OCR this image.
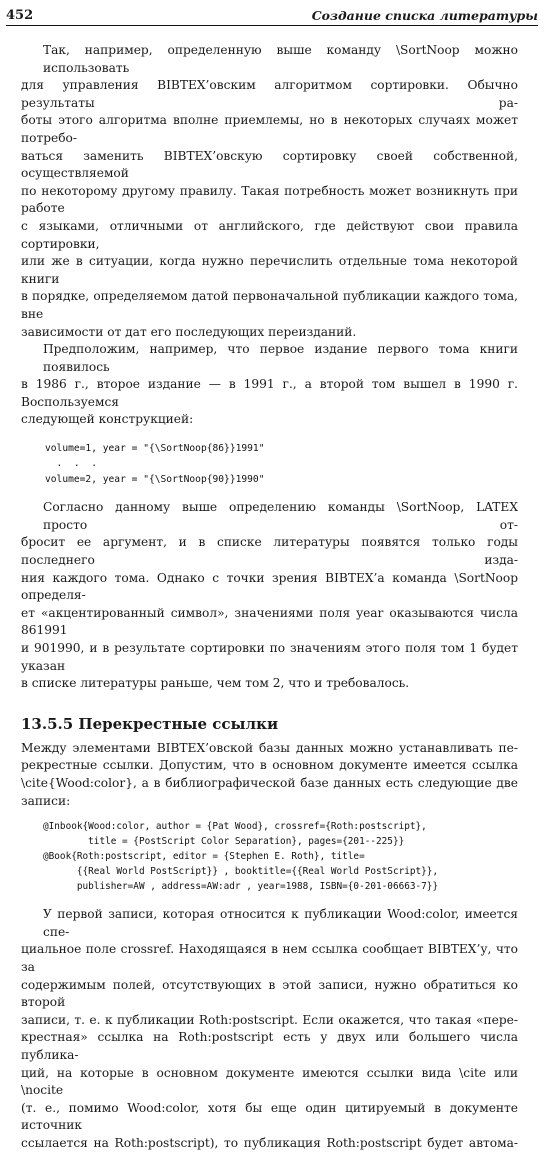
452	Создание списка литературы

Так, например, определенную выше команду \SortNoop можно использовать
для управления BIBTEX’овским алгоритмом сортировки. Обычно результаты ра-
боты этого алгоритма вполне приемлемы, но в некоторых случаях может потребо-
ваться заменить BIBTEX’овскую сортировку своей собственной, осуществляемой
по некоторому другому правилу. Такая потребность может возникнуть при работе
с языками, отличными от английского, где действуют свои правила сортировки,
или же в ситуации, когда нужно перечислить отдельные тома некоторой книги
в порядке, определяемом датой первоначальной публикации каждого тома, вне
зависимости от дат его последующих переизданий.

Предположим, например, что первое издание первого тома книги появилось
в 1986 г., второе издание — в 1991 г., а второй том вышел в 1990 г. Воспользуемся
следующей конструкцией:

volume=1, year = "{\SortNoop{86}}1991"
.  .  .
volume=2, year = "{\SortNoop{90}}1990"

Согласно данному выше определению команды \SortNoop, LATEX просто от-
бросит ее аргумент, и в списке литературы появятся только годы последнего изда-
ния каждого тома. Однако с точки зрения BIBTEX’а команда \SortNoop определя-
ет «акцентированный символ», значениями поля year оказываются числа 861991
и 901990, и в результате сортировки по значениям этого поля том 1 будет указан
в списке литературы раньше, чем том 2, что и требовалось.

13.5.5 Перекрестные ссылки

Между элементами BIBTEX’овской базы данных можно устанавливать пе-
рекрестные ссылки. Допустим, что в основном документе имеется ссылка
\cite{Wood:color}, а в библиографической базе данных есть следующие две
записи:

@Inbook{Wood:color, author = {Pat Wood}, crossref={Roth:postscript},
title = {PostScript Color Separation}, pages={201--225}}
@Book{Roth:postscript, editor = {Stephen E. Roth}, title=
{{Real World PostScript}} , booktitle={{Real World PostScript}},
publisher=AW , address=AW:adr , year=1988, ISBN={0-201-06663-7}}

У первой записи, которая относится к публикации Wood:color, имеется спе-
циальное поле crossref. Находящаяся в нем ссылка сообщает BIBTEX’у, что за
содержимым полей, отсутствующих в этой записи, нужно обратиться ко второй
записи, т. е. к публикации Roth:postscript. Если окажется, что такая «пере-
крестная» ссылка на Roth:postscript есть у двух или большего числа публика-
ций, на которые в основном документе имеются ссылки вида \cite или \nocite
(т. е., помимо Wood:color, хотя бы еще один цитируемый в документе источник
ссылается на Roth:postscript), то публикация Roth:postscript будет автома-
